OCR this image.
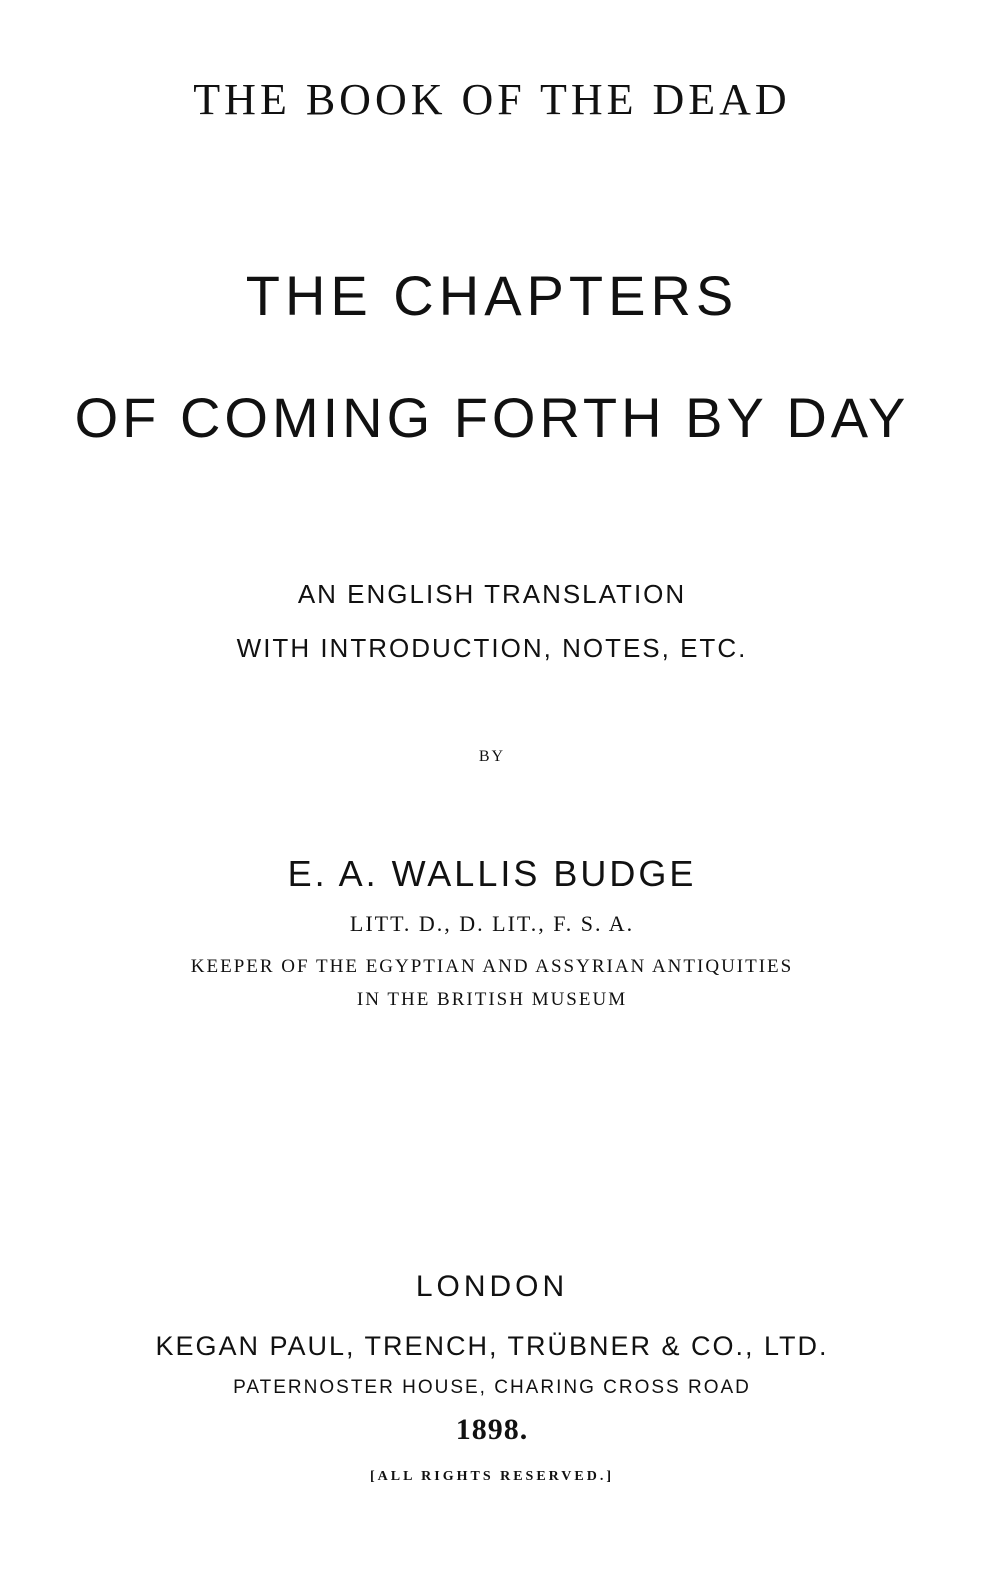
THE BOOK OF THE DEAD
THE CHAPTERS
OF COMING FORTH BY DAY
AN ENGLISH TRANSLATION
WITH INTRODUCTION, NOTES, ETC.
BY
E. A. WALLIS BUDGE
LITT. D., D. LIT., F. S. A.
KEEPER OF THE EGYPTIAN AND ASSYRIAN ANTIQUITIES
IN THE BRITISH MUSEUM
LONDON
KEGAN PAUL, TRENCH, TRÜBNER & CO., LTD.
PATERNOSTER HOUSE, CHARING CROSS ROAD
1898.
[ALL RIGHTS RESERVED.]
